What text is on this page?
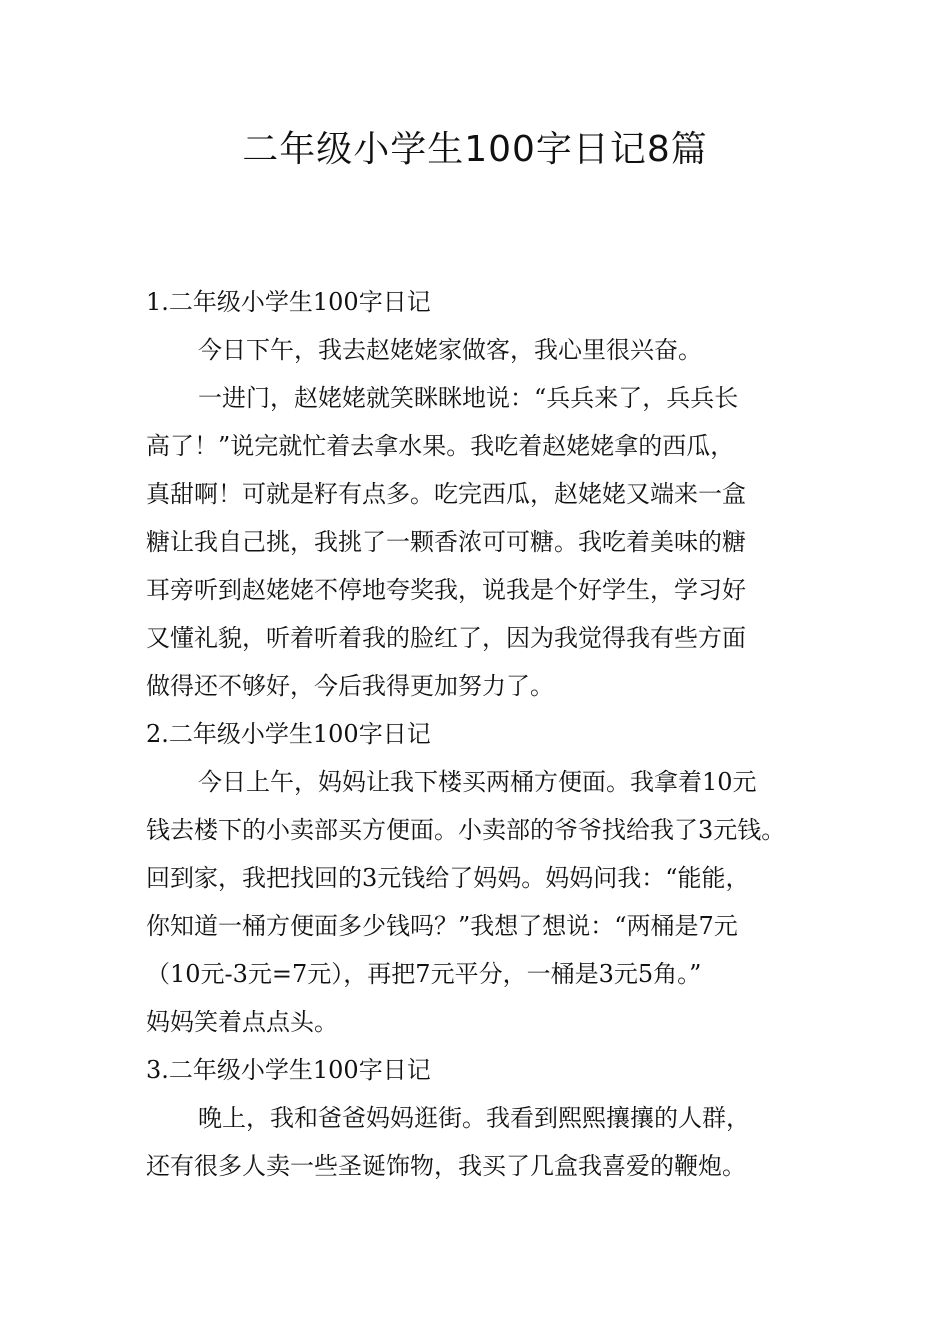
二年级小学生100字日记8篇
1.二年级小学生100字日记

今日下午，我去赵姥姥家做客，我心里很兴奋。

一进门，赵姥姥就笑眯眯地说：“兵兵来了，兵兵长
高了！”说完就忙着去拿水果。我吃着赵姥姥拿的西瓜，
真甜啊！可就是籽有点多。吃完西瓜，赵姥姥又端来一盒
糖让我自己挑，我挑了一颗香浓可可糖。我吃着美味的糖
耳旁听到赵姥姥不停地夸奖我，说我是个好学生，学习好
又懂礼貌，听着听着我的脸红了，因为我觉得我有些方面
做得还不够好，今后我得更加努力了。

2.二年级小学生100字日记

今日上午，妈妈让我下楼买两桶方便面。我拿着10元
钱去楼下的小卖部买方便面。小卖部的爷爷找给我了3元钱。
回到家，我把找回的3元钱给了妈妈。妈妈问我：“能能，
你知道一桶方便面多少钱吗？”我想了想说：“两桶是7元
（10元-3元=7元），再把7元平分，一桶是3元5角。”
妈妈笑着点点头。

3.二年级小学生100字日记

晚上，我和爸爸妈妈逛街。我看到熙熙攘攘的人群，
还有很多人卖一些圣诞饰物，我买了几盒我喜爱的鞭炮。
